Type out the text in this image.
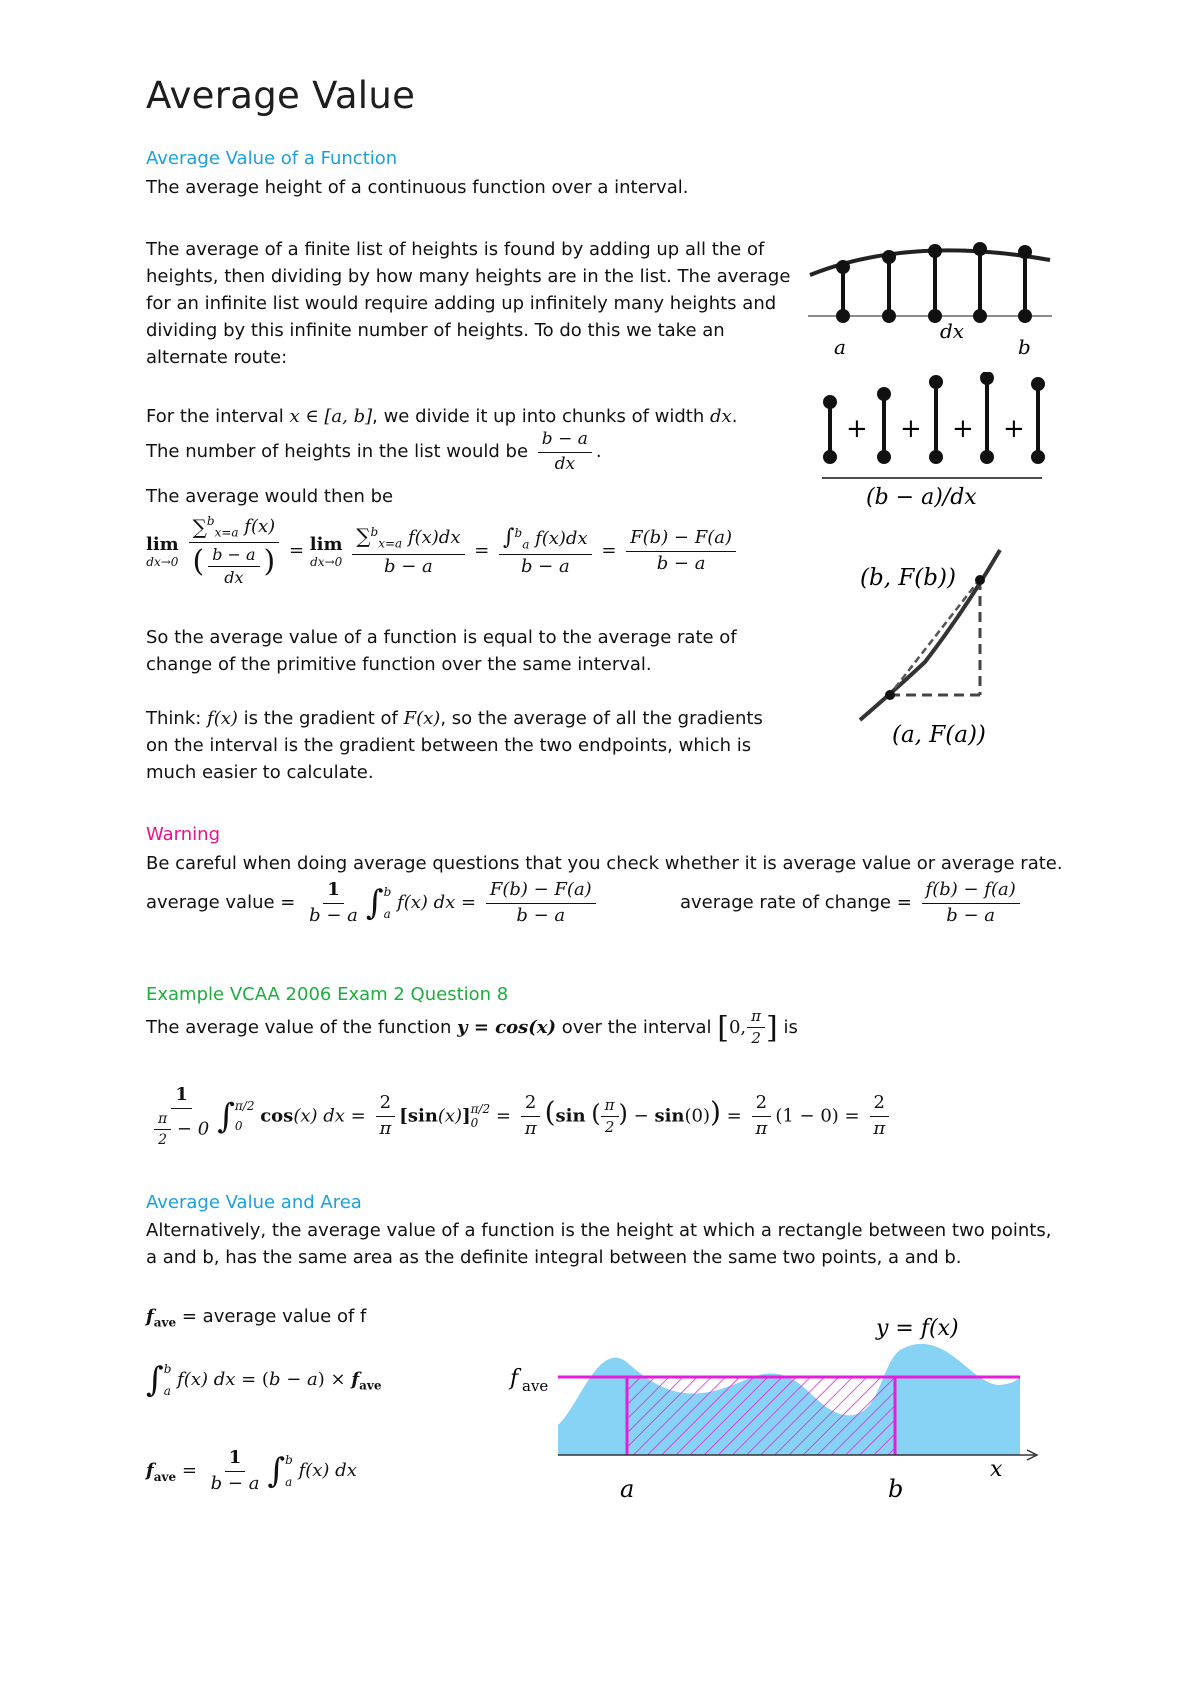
Average Value
Average Value of a Function
The average height of a continuous function over a interval.
The average of a finite list of heights is found by adding up all the of
heights, then dividing by how many heights are in the list. The average
for an infinite list would require adding up infinitely many heights and
dividing by this infinite number of heights. To do this we take an
alternate route:
For the interval x ∈ [a, b], we divide it up into chunks of width dx.
The number of heights in the list would be $\frac{b - a}{dx}$ .
The average would then be
lim
dx→0
$\frac{\sum^b_{x=a} f(x)}{( \frac{b - a}{dx} )} = \lim$
dx→0
$\frac{\sum^b_{x=a} f(x)dx}{b - a} = \frac{\int^b_a f(x)dx}{b - a} = \frac{F(b) - F(a)}{b - a}$
So the average value of a function is equal to the average rate of
change of the primitive function over the same interval.
Think: f(x) is the gradient of F(x), so the average of all the gradients
on the interval is the gradient between the two endpoints, which is
much easier to calculate.
a
dx
b
+ + + +
(b − a)/dx
(b, F(b))
(a, F(a))
Warning
Be careful when doing average questions that you check whether it is average value or average rate.
average value = $\frac{1}{b - a}$ ∫ b
a
f(x) dx = $\frac{F(b) - F(a)}{b - a}$	average rate of change = $\frac{f(b) - f(a)}{b - a}$
Example VCAA 2006 Exam 2 Question 8
The average value of the function y = cos(x) over the interval [0, $\frac{\pi}{2}$ ] is
$\frac{1}{\frac{\pi}{2} - 0}$ ∫ π/2
0 cos(x) dx = $\frac{2}{\pi} [\sin(x)]$ π/2
$0 = \frac{2}{\pi} (\sin$ ( $\frac{\pi}{2}$ ) − $\sin(0)) = \frac{2}{\pi} (1 - 0) = \frac{2}{\pi}$
Average Value and Area
Alternatively, the average value of a function is the height at which a rectangle between two points,
a and b, has the same area as the definite integral between the same two points, a and b.
$f_{ave}$ = average value of f
∫ b
a
f(x) dx = $(b - a) \times f_{ave}$
$f_{ave} = \frac{1}{b - a}$ ∫ b
a
f(x) dx
y = f(x)
f ave
x
a	b
